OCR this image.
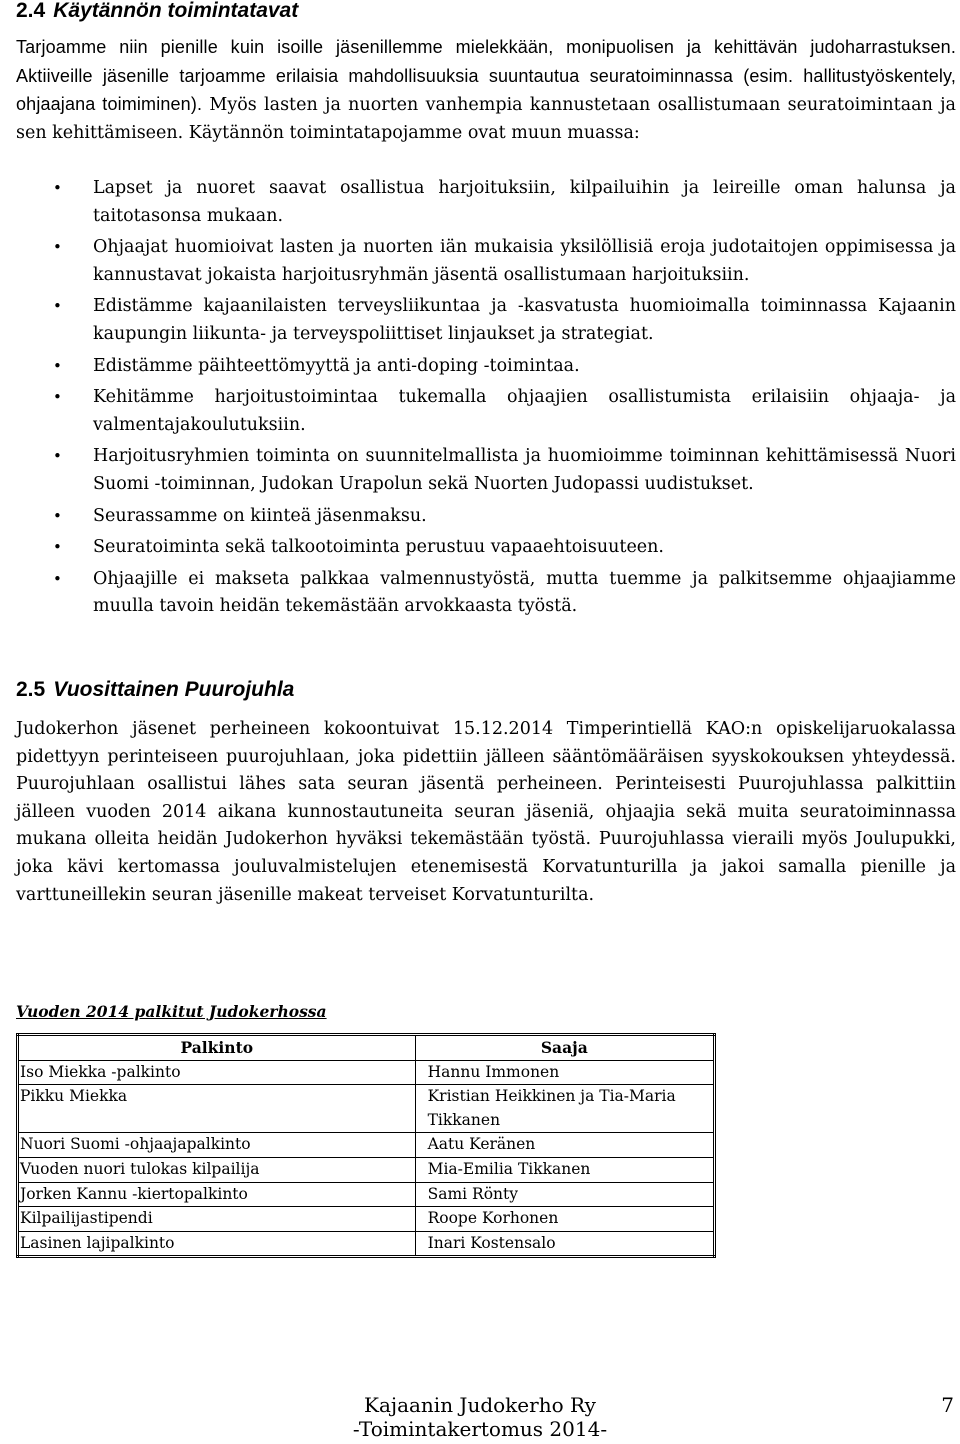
2.4 Käytännön toimintatavat

Tarjoamme niin pienille kuin isoille jäsenillemme mielekkään, monipuolisen ja kehittävän judoharrastuksen. Aktiiveille jäsenille tarjoamme erilaisia mahdollisuuksia suuntautua seuratoiminnassa (esim. hallitustyöskentely, ohjaajana toimiminen). Myös lasten ja nuorten vanhempia kannustetaan osallistumaan seuratoimintaan ja sen kehittämiseen. Käytännön toimintatapojamme ovat muun muassa:

• Lapset ja nuoret saavat osallistua harjoituksiin, kilpailuihin ja leireille oman halunsa ja taitotasonsa mukaan.
• Ohjaajat huomioivat lasten ja nuorten iän mukaisia yksilöllisiä eroja judotaitojen oppimisessa ja kannustavat jokaista harjoitusryhmän jäsentä osallistumaan harjoituksiin.
• Edistämme kajaanilaisten terveysliikuntaa ja -kasvatusta huomioimalla toiminnassa Kajaanin kaupungin liikunta- ja terveyspoliittiset linjaukset ja strategiat.
• Edistämme päihteettömyyttä ja anti-doping -toimintaa.
• Kehitämme harjoitustoimintaa tukemalla ohjaajien osallistumista erilaisiin ohjaaja- ja valmentajakoulutuksiin.
• Harjoitusryhmien toiminta on suunnitelmallista ja huomioimme toiminnan kehittämisessä Nuori Suomi -toiminnan, Judokan Urapolun sekä Nuorten Judopassi uudistukset.
• Seurassamme on kiinteä jäsenmaksu.
• Seuratoiminta sekä talkootoiminta perustuu vapaaehtoisuuteen.
• Ohjaajille ei makseta palkkaa valmennustyöstä, mutta tuemme ja palkitsemme ohjaajiamme muulla tavoin heidän tekemästään arvokkaasta työstä.
2.5 Vuosittainen Puurojuhla

Judokerhon jäsenet perheineen kokoontuivat 15.12.2014 Timperintiellä KAO:n opiskelijaruokalassa pidettyyn perinteiseen puurojuhlaan, joka pidettiin jälleen sääntömääräisen syyskokouksen yhteydessä. Puurojuhlaan osallistui lähes sata seuran jäsentä perheineen. Perinteisesti Puurojuhlassa palkittiin jälleen vuoden 2014 aikana kunnostautuneita seuran jäseniä, ohjaajia sekä muita seuratoiminnassa mukana olleita heidän Judokerhon hyväksi tekemästään työstä. Puurojuhlassa vieraili myös Joulupukki, joka kävi kertomassa jouluvalmistelujen etenemisestä Korvatunturilla ja jakoi samalla pienille ja varttuneillekin seuran jäsenille makeat terveiset Korvatunturilta.

Vuoden 2014 palkitut Judokerhossa

Palkinto	Saaja
Iso Miekka -palkinto	Hannu Immonen
Pikku Miekka	Kristian Heikkinen ja Tia-Maria Tikkanen
Nuori Suomi -ohjaajapalkinto	Aatu Keränen
Vuoden nuori tulokas kilpailija	Mia-Emilia Tikkanen
Jorken Kannu -kiertopalkinto	Sami Rönty
Kilpailijastipendi	Roope Korhonen
Lasinen lajipalkinto	Inari Kostensalo
Kajaanin Judokerho Ry
-Toimintakertomus 2014-
7
